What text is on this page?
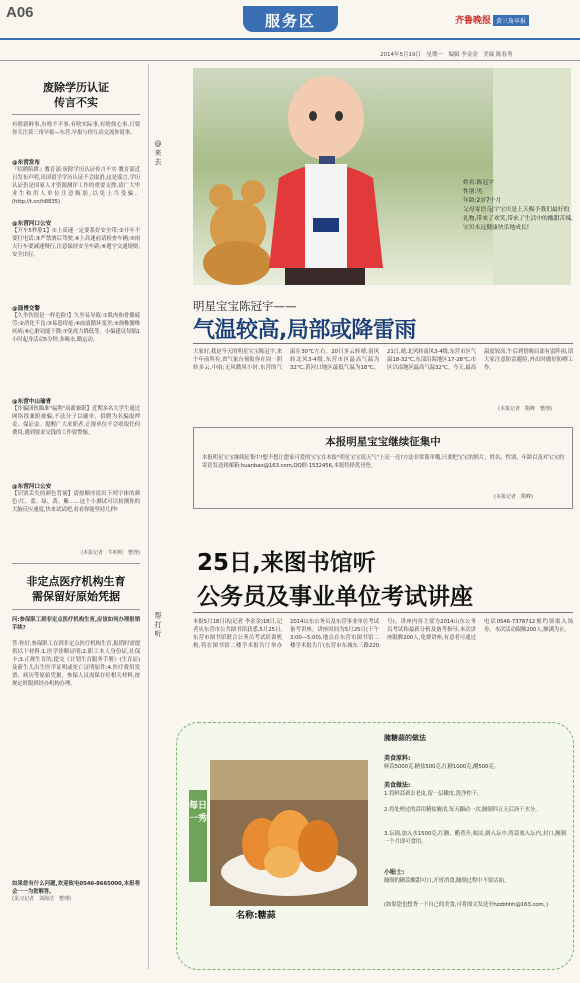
A06	服务区	齐鲁晚报 黄三角早报
2014年5月19日　星期一　编辑 李金金　美编 陈春秀
废除学历认证
传言不实
有啥新鲜事,有啥不平事,有啥实际事,有啥烦心事,只要你关注黄三角早报—东营,早报与你互动交流你说事。
@东营发布
『招聘陷阱』教育部:废除学历认证传言不实 教育部近日发布声明,出国留学学历认证不会取消,这是谣言,学历认证仍是国家人才资源测评工作的重要支撑,请广大毕业生和用人单位注意甄别,以免上当受骗。(http://t.cn/h8835)
@东营河口公安
【开车5秒脸1】①上高速一定要系好安全带;②开车不要打电话;③严禁酒后驾驶,④上高速前请检查车辆;⑤雨天行车要减速慢行,注意保持安全车距;⑥遵守交通规则,安全出行。
@淄博交警
【久坐伤很是一样危险!】久坐易导致:①肌肉和骨骼疲劳;②消化不良;③易患痔疮;④血液循环变差;⑤颈椎腰椎疾病;⑥心脏功能下降;⑦免疫力降低等。小编建议每隔1小时起身活动5分钟,多喝水,勤运动。
@东营中山瑜青
【诈骗团伙瞄准"福利"高薪兼职】近期多名大学生通过网络找兼职被骗,不法分子以刷单、招聘为名骗取押金、保证金。提醒广大求职者,正规单位不会收取任何费用,遇到要求交钱的工作要警惕。
@东营河口公安
【识别丢失的颜色背诵】请按顺序说出下列字体的颜色:红、蓝、绿、黄、紫……这个小测试可以检测你的大脑反应速度,快来试试吧,看看你能坚持几秒!
(本报记者　牛明明　整理)
非定点医疗机构生育
需保留好原始凭据
问:参保职工到非定点医疗机构生育,应该如何办理报销手续?
答:你好,参保职工在到非定点医疗机构生育,报销时需提供以下材料:1.医学诊断证明;2.职工本人身份证,社保卡;3.正规生育的,提交《计划生育服务手册》(生育证)及新生儿出生医学证明或死亡证明原件;4.医疗费用发票、病历等原始凭据。参保人员需保存好相关材料,按规定时限到经办机构办理。
如果您有什么问题,欢迎致电0546-8665000,本报将会一一为您解答。
(见习记者　刘海洁　整理)
@来去
帮打听
姓名:陈冠宇
性别:男
年龄:2岁7个月
父母寄语:冠宇宝贝是上天赐予我们最好的礼物,带来了欢笑,带来了生活中的酸甜苦辣,宝贝永远健康快乐地成长!
明星宝宝陈冠宇——
气温较高,局部或降雷雨
大家好,我是今天的明星宝宝陈冠宇,来个年前所有,省气象台预报你在周一阴转多云,中雨;无风微风小时,东营的气温在30℃左右。20日多云转晴,南风转北风3-4级,东营市区最高气温为32℃,黄河口地区最低气温为18℃。21日,晴,北风转南风3-4级,东营市区气温18-32℃,东部沿海地区17-28℃,市区以南地区最高气温32℃。今天,最高温度较高,午后到傍晚局部有雷阵雨,请大家注意防雷避险,外出时做好防晒工作。
(本报记者　隋峰　整理)
本报明星宝宝继续征集中
本报明星宝宝继续征集中!想不想让您家可爱的宝宝在本报"明星宝宝说天气"上亮一亮?方法非常简单哦,只要把宝宝的照片、姓名、性别、年龄以及对宝宝的寄语发送到邮箱:huanbao@163.com,QQ群:1532456,本报将择优刊登。
(本报记者　隋峰)
25日,来图书馆听
公务员及事业单位考试讲座
本报5月18日讯(记者 李金金)18日,记者从东营市公共图书馆获悉,5月25日,东营市图书馆联合公务员考试培训机构,将在图书馆二楼学术报告厅举办2014山东公务员及东营事业单位考试备考讲座。讲座时间为5月25日(下午3:00—5:00),地点在东营市图书馆二楼学术报告厅(东营市东城东三路220号)。讲座内容主要为2014山东公务员考试和最新分析及备考指导,本次讲座限额200人,免费讲座,有意者可通过电话0546-7378712预约领取入场券。本次活动限额200人,额满为止。
每日一秀
名称:糖蒜
腌糖蒜的做法
美食原料:
鲜蒜5000克,糖盐500克,红糖1000克,醋500克。
美食做法:
1.将鲜蒜剥去老皮,留一层嫩皮,洗净控干。
2.将处理过的蒜用精盐腌渍,每天翻动一次,腌制四五天后沥干水分。
3.坛锅,加入水1500克,红糖、醋煮开,晾凉,倒入坛中,将蒜放入坛内,封口,腌制一个月即可食用。
小贴士:
腌制的糖蒜酸甜可口,开胃消食,腌制过程中不要沾油。
(如果您也想秀一下自己的美食,可将图文发送至hzzbhhh@163.com。)
